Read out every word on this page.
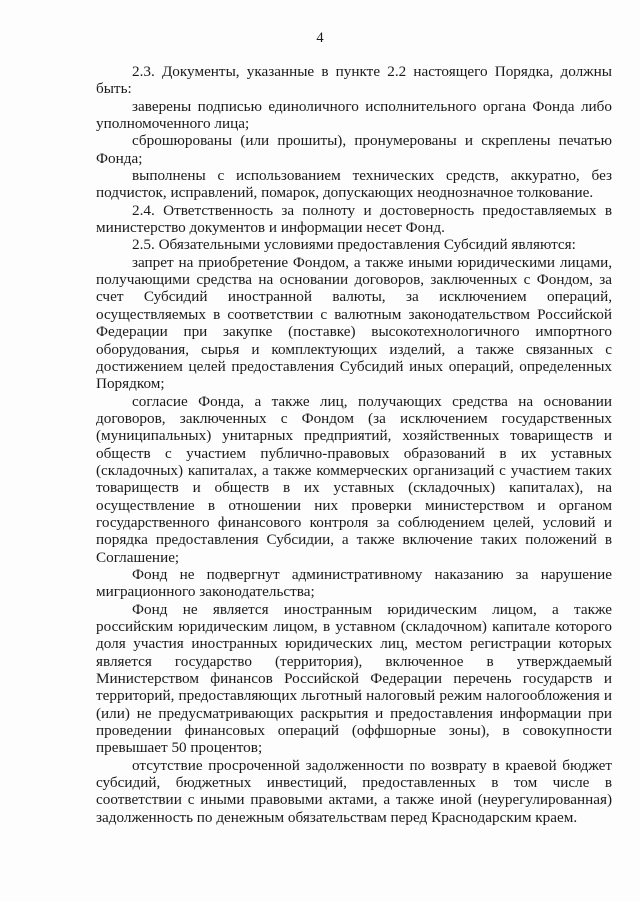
4

2.3. Документы, указанные в пункте 2.2 настоящего Порядка, должны быть:

заверены подписью единоличного исполнительного органа Фонда либо уполномоченного лица;

сброшюрованы (или прошиты), пронумерованы и скреплены печатью Фонда;

выполнены с использованием технических средств, аккуратно, без подчисток, исправлений, помарок, допускающих неоднозначное толкование.

2.4. Ответственность за полноту и достоверность предоставляемых в министерство документов и информации несет Фонд.

2.5. Обязательными условиями предоставления Субсидий являются:

запрет на приобретение Фондом, а также иными юридическими лицами, получающими средства на основании договоров, заключенных с Фондом, за счет Субсидий иностранной валюты, за исключением операций, осуществляемых в соответствии с валютным законодательством Российской Федерации при закупке (поставке) высокотехнологичного импортного оборудования, сырья и комплектующих изделий, а также связанных с достижением целей предоставления Субсидий иных операций, определенных Порядком;

согласие Фонда, а также лиц, получающих средства на основании договоров, заключенных с Фондом (за исключением государственных (муниципальных) унитарных предприятий, хозяйственных товариществ и обществ с участием публично-правовых образований в их уставных (складочных) капиталах, а также коммерческих организаций с участием таких товариществ и обществ в их уставных (складочных) капиталах), на осуществление в отношении них проверки министерством и органом государственного финансового контроля за соблюдением целей, условий и порядка предоставления Субсидии, а также включение таких положений в Соглашение;

Фонд не подвергнут административному наказанию за нарушение миграционного законодательства;

Фонд не является иностранным юридическим лицом, а также российским юридическим лицом, в уставном (складочном) капитале которого доля участия иностранных юридических лиц, местом регистрации которых является государство (территория), включенное в утверждаемый Министерством финансов Российской Федерации перечень государств и территорий, предоставляющих льготный налоговый режим налогообложения и (или) не предусматривающих раскрытия и предоставления информации при проведении финансовых операций (оффшорные зоны), в совокупности превышает 50 процентов;

отсутствие просроченной задолженности по возврату в краевой бюджет субсидий, бюджетных инвестиций, предоставленных в том числе в соответствии с иными правовыми актами, а также иной (неурегулированная) задолженность по денежным обязательствам перед Краснодарским краем.
